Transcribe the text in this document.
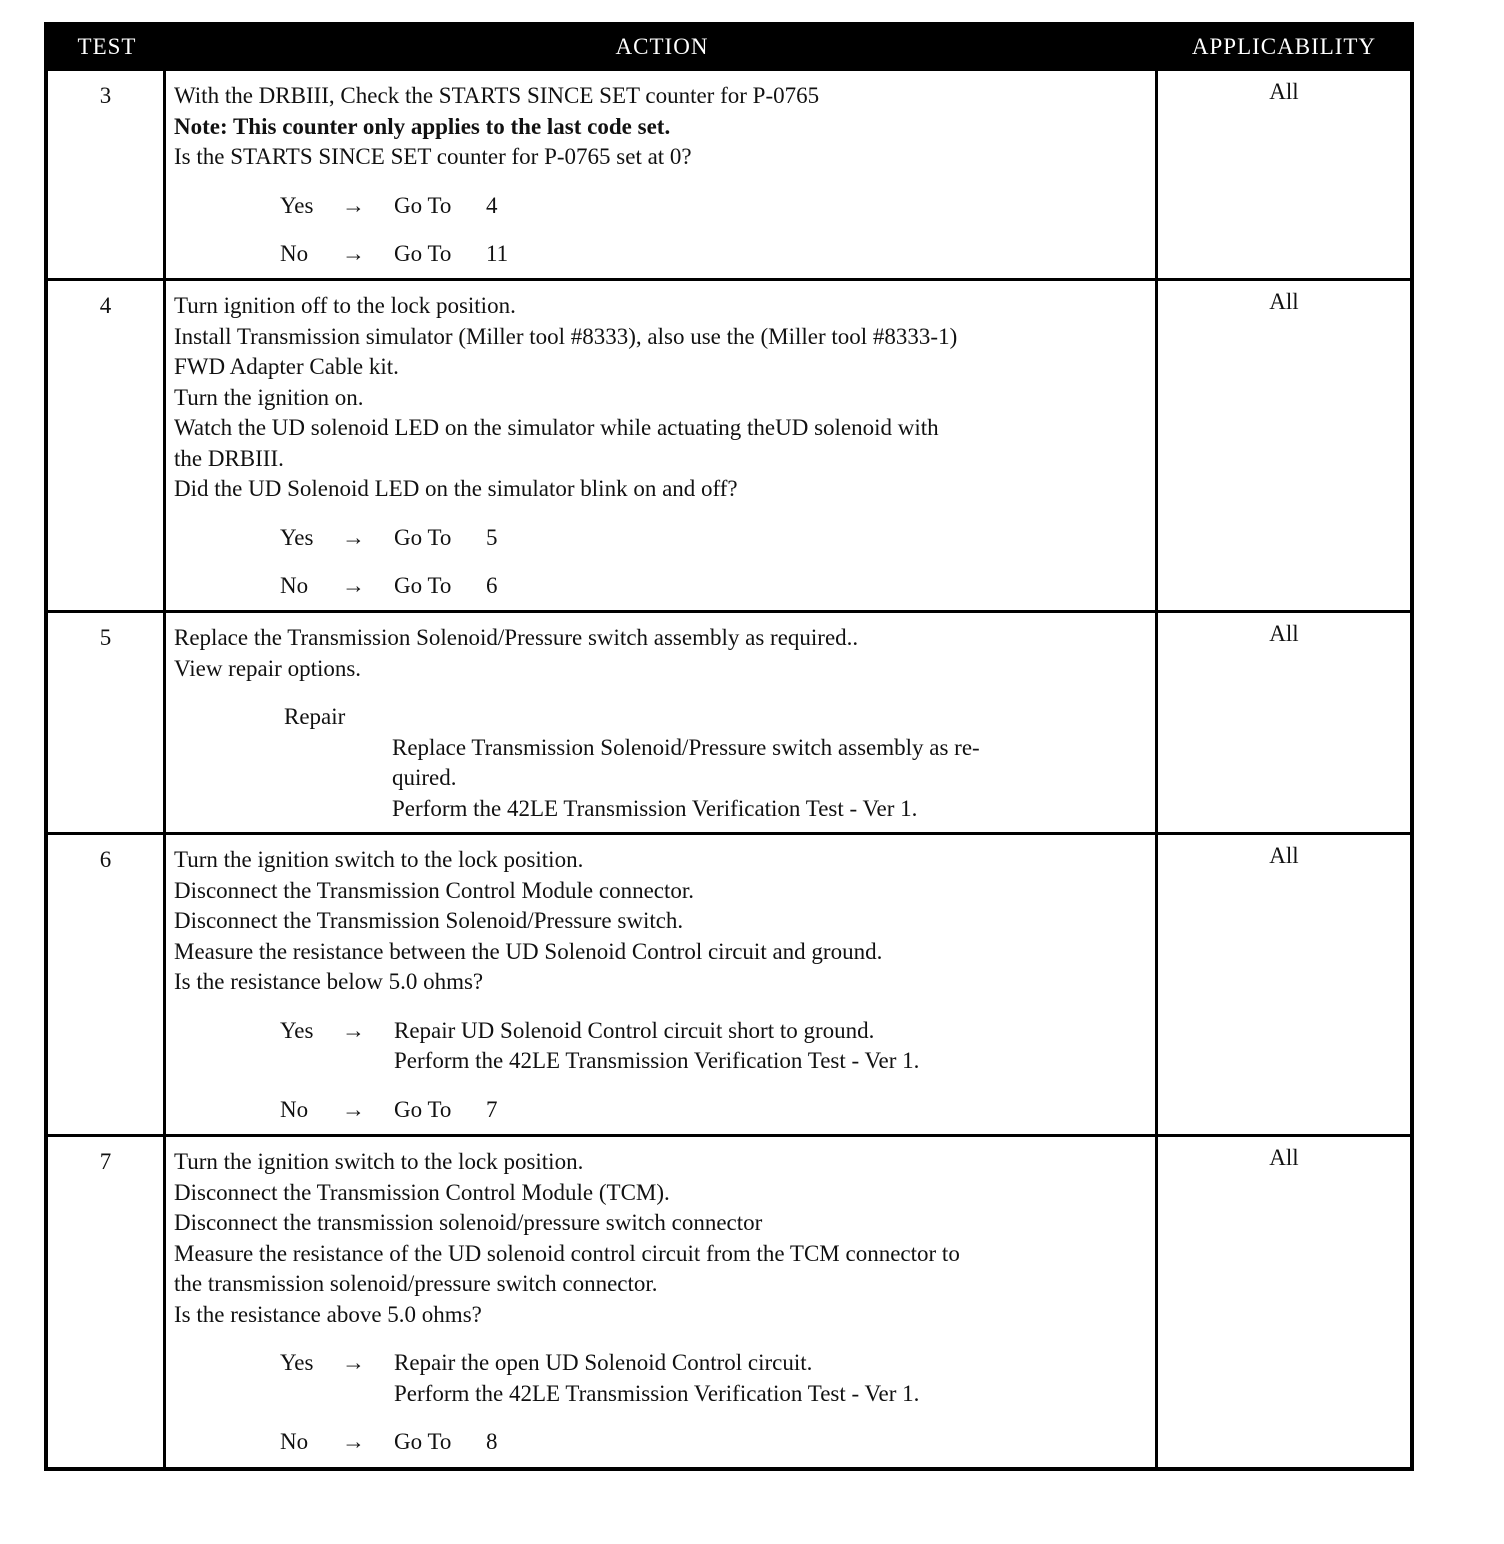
TEST	ACTION	APPLICABILITY
3	With the DRBIII, Check the STARTS SINCE SET counter for P-0765
Note: This counter only applies to the last code set.
Is the STARTS SINCE SET counter for P-0765 set at 0?
Yes	→	Go To	4
No	→	Go To	11
All
4	Turn ignition off to the lock position.
Install Transmission simulator (Miller tool #8333), also use the (Miller tool #8333-1)
FWD Adapter Cable kit.
Turn the ignition on.
Watch the UD solenoid LED on the simulator while actuating theUD solenoid with
the DRBIII.
Did the UD Solenoid LED on the simulator blink on and off?
Yes	→	Go To	5
No	→	Go To	6
All
5	Replace the Transmission Solenoid/Pressure switch assembly as required..
View repair options.
Repair
Replace Transmission Solenoid/Pressure switch assembly as re-
quired.
Perform the 42LE Transmission Verification Test - Ver 1.
All
6	Turn the ignition switch to the lock position.
Disconnect the Transmission Control Module connector.
Disconnect the Transmission Solenoid/Pressure switch.
Measure the resistance between the UD Solenoid Control circuit and ground.
Is the resistance below 5.0 ohms?
Yes	→	Repair UD Solenoid Control circuit short to ground.
Perform the 42LE Transmission Verification Test - Ver 1.
No	→	Go To	7
All
7	Turn the ignition switch to the lock position.
Disconnect the Transmission Control Module (TCM).
Disconnect the transmission solenoid/pressure switch connector
Measure the resistance of the UD solenoid control circuit from the TCM connector to
the transmission solenoid/pressure switch connector.
Is the resistance above 5.0 ohms?
Yes	→	Repair the open UD Solenoid Control circuit.
Perform the 42LE Transmission Verification Test - Ver 1.
No	→	Go To	8
All
